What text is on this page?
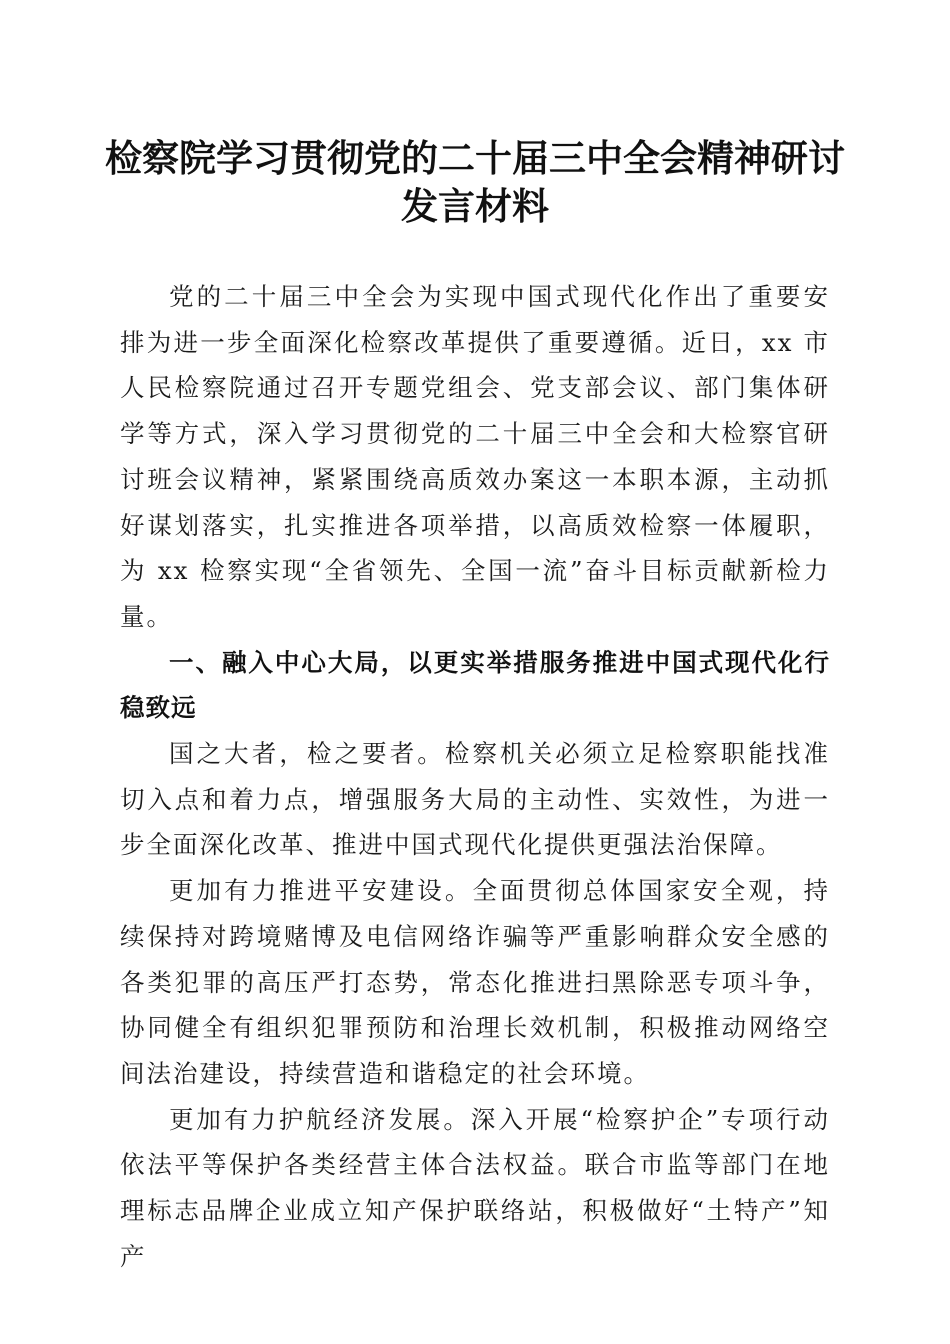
检察院学习贯彻党的二十届三中全会精神研讨发言材料

党的二十届三中全会为实现中国式现代化作出了重要安排为进一步全面深化检察改革提供了重要遵循。近日，xx 市人民检察院通过召开专题党组会、党支部会议、部门集体研学等方式，深入学习贯彻党的二十届三中全会和大检察官研讨班会议精神，紧紧围绕高质效办案这一本职本源，主动抓好谋划落实，扎实推进各项举措，以高质效检察一体履职，为 xx 检察实现“全省领先、全国一流”奋斗目标贡献新检力量。

一、融入中心大局，以更实举措服务推进中国式现代化行稳致远

国之大者，检之要者。检察机关必须立足检察职能找准切入点和着力点，增强服务大局的主动性、实效性，为进一步全面深化改革、推进中国式现代化提供更强法治保障。

更加有力推进平安建设。全面贯彻总体国家安全观，持续保持对跨境赌博及电信网络诈骗等严重影响群众安全感的各类犯罪的高压严打态势，常态化推进扫黑除恶专项斗争，协同健全有组织犯罪预防和治理长效机制，积极推动网络空间法治建设，持续营造和谐稳定的社会环境。

更加有力护航经济发展。深入开展“检察护企”专项行动依法平等保护各类经营主体合法权益。联合市监等部门在地理标志品牌企业成立知产保护联络站，积极做好“土特产”知产
